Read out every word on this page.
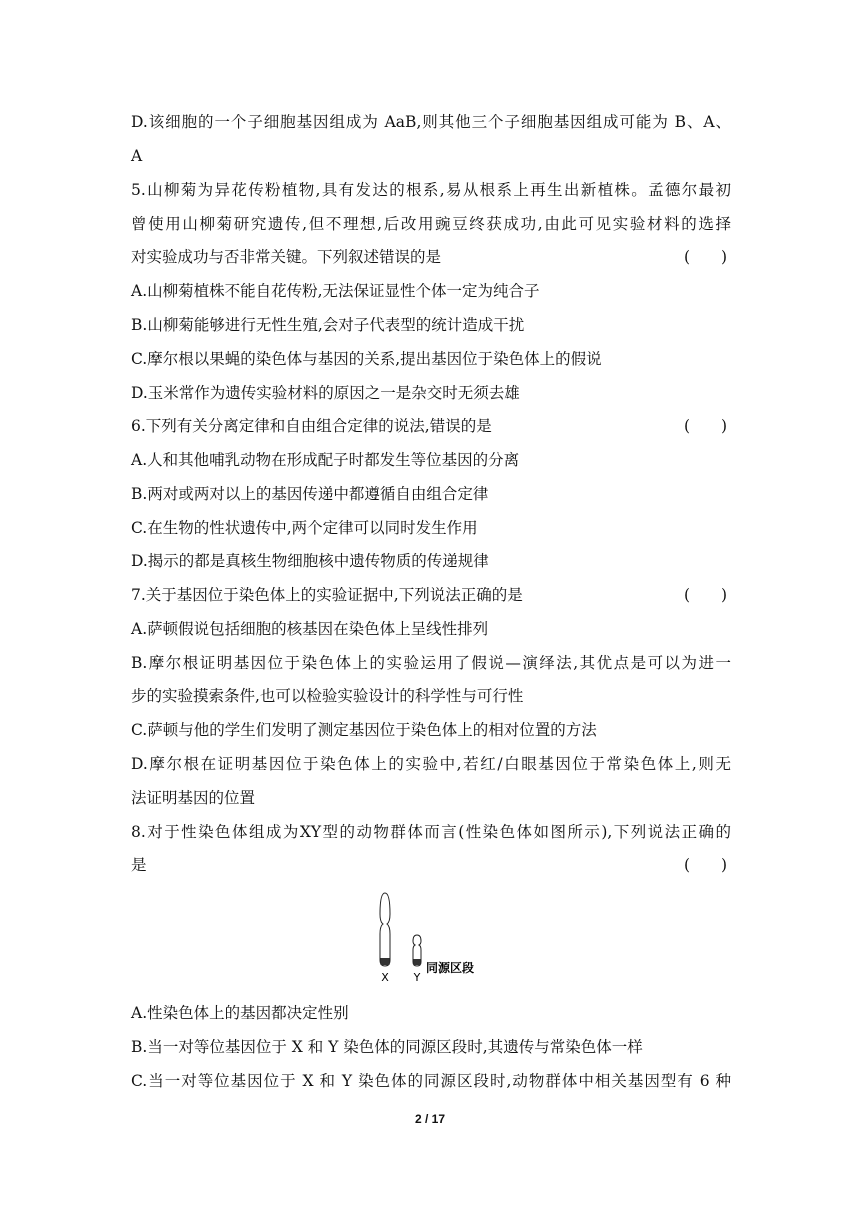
D.该细胞的一个子细胞基因组成为 AaB,则其他三个子细胞基因组成可能为 B、A、
A
5.山柳菊为异花传粉植物,具有发达的根系,易从根系上再生出新植株。孟德尔最初
曾使用山柳菊研究遗传,但不理想,后改用豌豆终获成功,由此可见实验材料的选择
对实验成功与否非常关键。下列叙述错误的是	(　　)
A.山柳菊植株不能自花传粉,无法保证显性个体一定为纯合子
B.山柳菊能够进行无性生殖,会对子代表型的统计造成干扰
C.摩尔根以果蝇的染色体与基因的关系,提出基因位于染色体上的假说
D.玉米常作为遗传实验材料的原因之一是杂交时无须去雄
6.下列有关分离定律和自由组合定律的说法,错误的是	(　　)
A.人和其他哺乳动物在形成配子时都发生等位基因的分离
B.两对或两对以上的基因传递中都遵循自由组合定律
C.在生物的性状遗传中,两个定律可以同时发生作用
D.揭示的都是真核生物细胞核中遗传物质的传递规律
7.关于基因位于染色体上的实验证据中,下列说法正确的是	(　　)
A.萨顿假说包括细胞的核基因在染色体上呈线性排列
B.摩尔根证明基因位于染色体上的实验运用了假说—演绎法,其优点是可以为进一
步的实验摸索条件,也可以检验实验设计的科学性与可行性
C.萨顿与他的学生们发明了测定基因位于染色体上的相对位置的方法
D.摩尔根在证明基因位于染色体上的实验中,若红/白眼基因位于常染色体上,则无
法证明基因的位置
8.对于性染色体组成为XY型的动物群体而言(性染色体如图所示),下列说法正确的
是	(　　)
X Y
同源区段
A.性染色体上的基因都决定性别
B.当一对等位基因位于 X 和 Y 染色体的同源区段时,其遗传与常染色体一样
C.当一对等位基因位于 X 和 Y 染色体的同源区段时,动物群体中相关基因型有 6 种
2 / 17
